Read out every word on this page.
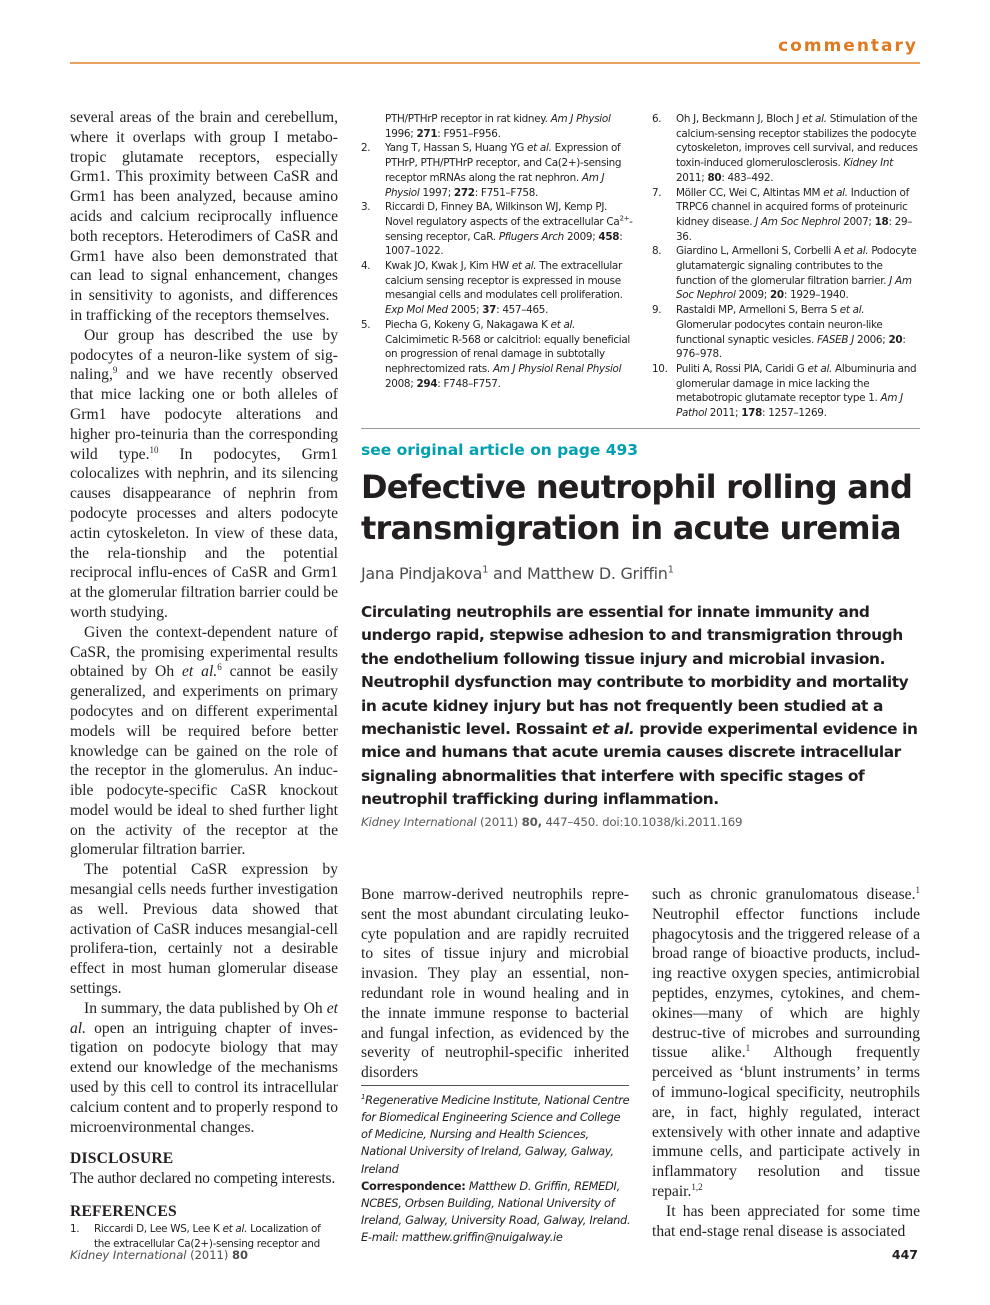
commentary

several areas of the brain and cerebellum, where it overlaps with group I metabo-tropic glutamate receptors, especially Grm1. This proximity between CaSR and Grm1 has been analyzed, because amino acids and calcium reciprocally influence both receptors. Heterodimers of CaSR and Grm1 have also been demonstrated that can lead to signal enhancement, changes in sensitivity to agonists, and differences in trafficking of the receptors themselves.

Our group has described the use by podocytes of a neuron-like system of sig-naling,$^9$ and we have recently observed that mice lacking one or both alleles of Grm1 have podocyte alterations and higher pro-teinuria than the corresponding wild type.$^{10}$ In podocytes, Grm1 colocalizes with nephrin, and its silencing causes disappearance of nephrin from podocyte processes and alters podocyte actin cytoskeleton. In view of these data, the rela-tionship and the potential reciprocal influ-ences of CaSR and Grm1 at the glomerular filtration barrier could be worth studying.

Given the context-dependent nature of CaSR, the promising experimental results obtained by Oh et al.$^6$ cannot be easily generalized, and experiments on primary podocytes and on different experimental models will be required before better knowledge can be gained on the role of the receptor in the glomerulus. An induc-ible podocyte-specific CaSR knockout model would be ideal to shed further light on the activity of the receptor at the glomerular filtration barrier.

The potential CaSR expression by mesangial cells needs further investigation as well. Previous data showed that activation of CaSR induces mesangial-cell prolifera-tion, certainly not a desirable effect in most human glomerular disease settings.

In summary, the data published by Oh et al. open an intriguing chapter of inves-tigation on podocyte biology that may extend our knowledge of the mechanisms used by this cell to control its intracellular calcium content and to properly respond to microenvironmental changes.

DISCLOSURE

The author declared no competing interests.

REFERENCES

1. Riccardi D, Lee WS, Lee K et al. Localization of the extracellular Ca(2+)-sensing receptor and
PTH/PTHrP receptor in rat kidney. Am J Physiol 1996; 271: F951–F956.
2. Yang T, Hassan S, Huang YG et al. Expression of PTHrP, PTH/PTHrP receptor, and Ca(2+)-sensing receptor mRNAs along the rat nephron. Am J Physiol 1997; 272: F751–F758.
3. Riccardi D, Finney BA, Wilkinson WJ, Kemp PJ. Novel regulatory aspects of the extracellular $Ca^{2+}$-sensing receptor, CaR. Pflugers Arch 2009; 458: 1007–1022.
4. Kwak JO, Kwak J, Kim HW et al. The extracellular calcium sensing receptor is expressed in mouse mesangial cells and modulates cell proliferation. Exp Mol Med 2005; 37: 457–465.
5. Piecha G, Kokeny G, Nakagawa K et al. Calcimimetic R-568 or calcitriol: equally beneficial on progression of renal damage in subtotally nephrectomized rats. Am J Physiol Renal Physiol 2008; 294: F748–F757.
6. Oh J, Beckmann J, Bloch J et al. Stimulation of the calcium-sensing receptor stabilizes the podocyte cytoskeleton, improves cell survival, and reduces toxin-induced glomerulosclerosis. Kidney Int 2011; 80: 483–492.
7. Möller CC, Wei C, Altintas MM et al. Induction of TRPC6 channel in acquired forms of proteinuric kidney disease. J Am Soc Nephrol 2007; 18: 29–36.
8. Giardino L, Armelloni S, Corbelli A et al. Podocyte glutamatergic signaling contributes to the function of the glomerular filtration barrier. J Am Soc Nephrol 2009; 20: 1929–1940.
9. Rastaldi MP, Armelloni S, Berra S et al. Glomerular podocytes contain neuron-like functional synaptic vesicles. FASEB J 2006; 20: 976–978.
10. Puliti A, Rossi PIA, Caridi G et al. Albuminuria and glomerular damage in mice lacking the metabotropic glutamate receptor type 1. Am J Pathol 2011; 178: 1257–1269.
see original article on page 493
Defective neutrophil rolling and transmigration in acute uremia
Jana Pindjakova$^1$ and Matthew D. Griffin$^1$

Circulating neutrophils are essential for innate immunity and undergo rapid, stepwise adhesion to and transmigration through the endothelium following tissue injury and microbial invasion. Neutrophil dysfunction may contribute to morbidity and mortality in acute kidney injury but has not frequently been studied at a mechanistic level. Rossaint et al. provide experimental evidence in mice and humans that acute uremia causes discrete intracellular signaling abnormalities that interfere with specific stages of neutrophil trafficking during inflammation.

Kidney International (2011) 80, 447–450. doi:10.1038/ki.2011.169

Bone marrow-derived neutrophils repre-sent the most abundant circulating leuko-cyte population and are rapidly recruited to sites of tissue injury and microbial invasion. They play an essential, non-redundant role in wound healing and in the innate immune response to bacterial and fungal infection, as evidenced by the severity of neutrophil-specific inherited disorders

$^1$Regenerative Medicine Institute, National Centre for Biomedical Engineering Science and College of Medicine, Nursing and Health Sciences, National University of Ireland, Galway, Galway, Ireland
Correspondence: Matthew D. Griffin, REMEDI, NCBES, Orbsen Building, National University of Ireland, Galway, University Road, Galway, Ireland. E-mail: matthew.griffin@nuigalway.ie

such as chronic granulomatous disease.$^1$ Neutrophil effector functions include phagocytosis and the triggered release of a broad range of bioactive products, includ-ing reactive oxygen species, antimicrobial peptides, enzymes, cytokines, and chem-okines—many of which are highly destruc-tive of microbes and surrounding tissue alike.$^1$ Although frequently perceived as ‘blunt instruments’ in terms of immuno-logical specificity, neutrophils are, in fact, highly regulated, interact extensively with other innate and adaptive immune cells, and participate actively in inflammatory resolution and tissue repair.$^{1,2}$

It has been appreciated for some time that end-stage renal disease is associated

Kidney International (2011) 80	447
